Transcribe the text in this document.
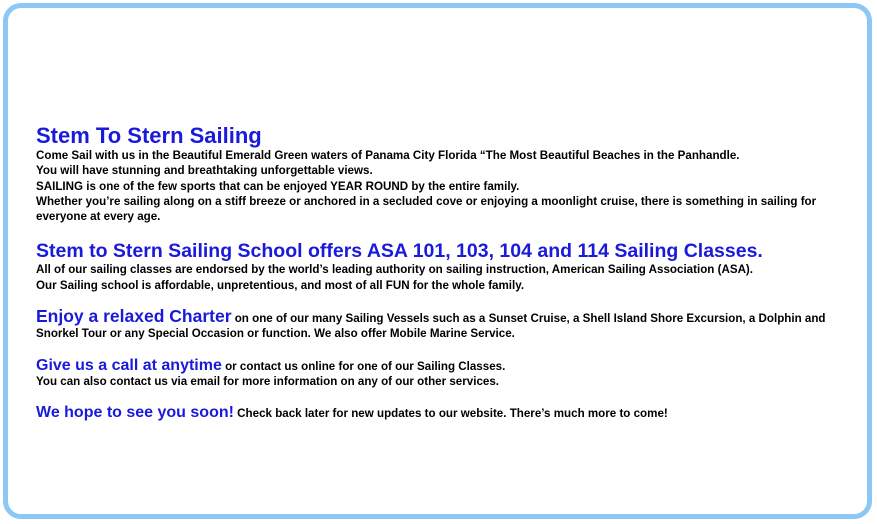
Stem To Stern Sailing
Come Sail with us in the Beautiful Emerald Green waters of Panama City Florida “The Most Beautiful Beaches in the Panhandle.
You will have stunning and breathtaking unforgettable views.
SAILING is one of the few sports that can be enjoyed YEAR ROUND by the entire family.
Whether you’re sailing along on a stiff breeze or anchored in a secluded cove or enjoying a moonlight cruise, there is something in sailing for everyone at every age.
Stem to Stern Sailing School offers ASA 101, 103, 104 and 114 Sailing Classes.
All of our sailing classes are endorsed by the world’s leading authority on sailing instruction, American Sailing Association (ASA).
Our Sailing school is affordable, unpretentious, and most of all FUN for the whole family.
Enjoy a relaxed Charter on one of our many Sailing Vessels such as a Sunset Cruise, a Shell Island Shore Excursion, a Dolphin and Snorkel Tour or any Special Occasion or function. We also offer Mobile Marine Service.
Give us a call at anytime or contact us online for one of our Sailing Classes.
You can also contact us via email for more information on any of our other services.
We hope to see you soon! Check back later for new updates to our website. There’s much more to come!
